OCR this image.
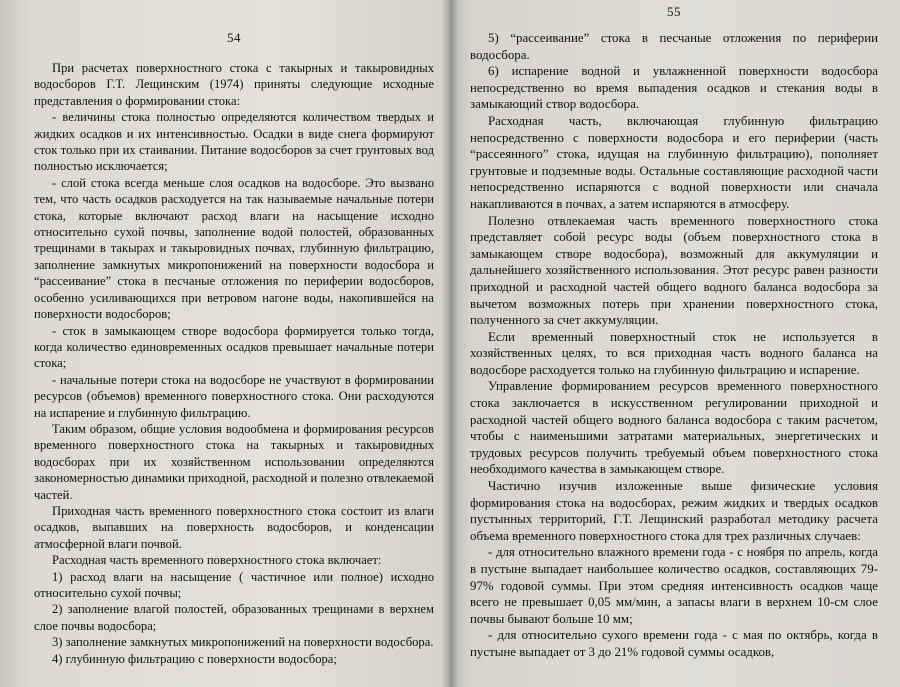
54

При расчетах поверхностного стока с такырных и такыровидных водосборов Г.Т. Лещинским (1974) приняты следующие исходные представления о формировании стока:

- величины стока полностью определяются количеством твердых и жидких осадков и их интенсивностью. Осадки в виде снега формируют сток только при их стаивании. Питание водосборов за счет грунтовых вод полностью исключается;

- слой стока всегда меньше слоя осадков на водосборе. Это вызвано тем, что часть осадков расходуется на так называемые начальные потери стока, которые включают расход влаги на насыщение исходно относительно сухой почвы, заполнение водой полостей, образованных трещинами в такырах и такыровидных почвах, глубинную фильтрацию, заполнение замкнутых микропонижений на поверхности водосбора и “рассеивание” стока в песчаные отложения по периферии водосборов, особенно усиливающихся при ветровом нагоне воды, накопившейся на поверхности водосборов;

- сток в замыкающем створе водосбора формируется только тогда, когда количество единовременных осадков превышает начальные потери стока;

- начальные потери стока на водосборе не участвуют в формировании ресурсов (объемов) временного поверхностного стока. Они расходуются на испарение и глубинную фильтрацию.

Таким образом, общие условия водообмена и формирования ресурсов временного поверхностного стока на такырных и такыровидных водосборах при их хозяйственном использовании определяются закономерностью динамики приходной, расходной и полезно отвлекаемой частей.

Приходная часть временного поверхностного стока состоит из влаги осадков, выпавших на поверхность водосборов, и конденсации атмосферной влаги почвой.

Расходная часть временного поверхностного стока включает:

1) расход влаги на насыщение ( частичное или полное) исходно относительно сухой почвы;

2) заполнение влагой полостей, образованных трещинами в верхнем слое почвы водосбора;

3) заполнение замкнутых микропонижений на поверхности водосбора.

4) глубинную фильтрацию с поверхности водосбора;

55

5) “рассеивание” стока в песчаные отложения по периферии водосбора.

6) испарение водной и увлажненной поверхности водосбора непосредственно во время выпадения осадков и стекания воды в замыкающий створ водосбора.

Расходная часть, включающая глубинную фильтрацию непосредственно с поверхности водосбора и его периферии (часть “рассеянного” стока, идущая на глубинную фильтрацию), пополняет грунтовые и подземные воды. Остальные составляющие расходной части непосредственно испаряются с водной поверхности или сначала накапливаются в почвах, а затем испаряются в атмосферу.

Полезно отвлекаемая часть временного поверхностного стока представляет собой ресурс воды (объем поверхностного стока в замыкающем створе водосбора), возможный для аккумуляции и дальнейшего хозяйственного использования. Этот ресурс равен разности приходной и расходной частей общего водного баланса водосбора за вычетом возможных потерь при хранении поверхностного стока, полученного за счет аккумуляции.

Если временный поверхностный сток не используется в хозяйственных целях, то вся приходная часть водного баланса на водосборе расходуется только на глубинную фильтрацию и испарение.

Управление формированием ресурсов временного поверхностного стока заключается в искусственном регулировании приходной и расходной частей общего водного баланса водосбора с таким расчетом, чтобы с наименьшими затратами материальных, энергетических и трудовых ресурсов получить требуемый объем поверхностного стока необходимого качества в замыкающем створе.

Частично изучив изложенные выше физические условия формирования стока на водосборах, режим жидких и твердых осадков пустынных территорий, Г.Т. Лещинский разработал методику расчета объема временного поверхностного стока для трех различных случаев:

- для относительно влажного времени года - с ноября по апрель, когда в пустыне выпадает наибольшее количество осадков, составляющих 79-97% годовой суммы. При этом средняя интенсивность осадков чаще всего не превышает 0,05 мм/мин, а запасы влаги в верхнем 10-см слое почвы бывают больше 10 мм;

- для относительно сухого времени года - с мая по октябрь, когда в пустыне выпадает от 3 до 21% годовой суммы осадков,
